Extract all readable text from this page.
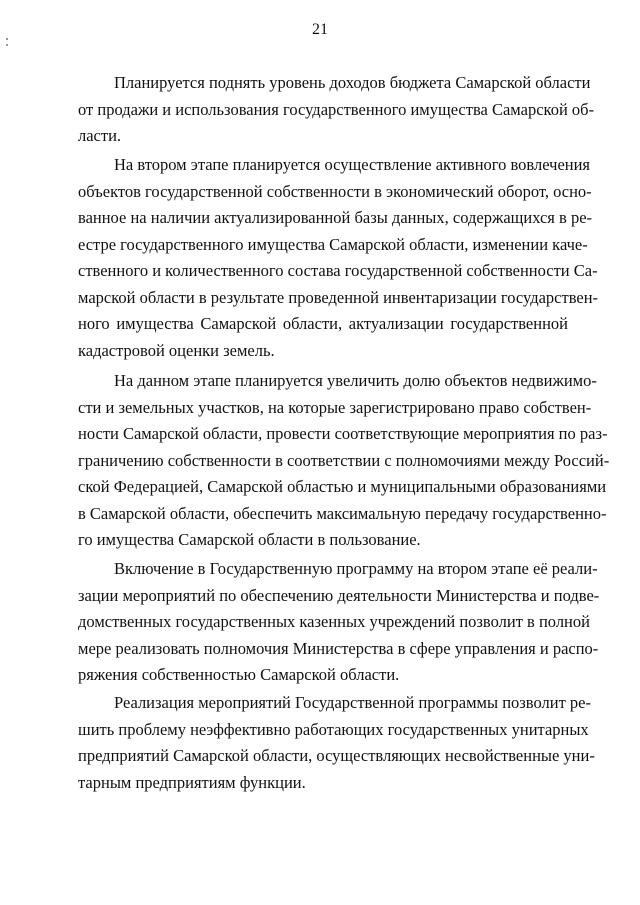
21

Планируется поднять уровень доходов бюджета Самарской области
от продажи и использования государственного имущества Самарской об-
ласти.

На втором этапе планируется осуществление активного вовлечения
объектов государственной собственности в экономический оборот, осно-
ванное на наличии актуализированной базы данных, содержащихся в ре-
естре государственного имущества Самарской области, изменении каче-
ственного и количественного состава государственной собственности Са-
марской области в результате проведенной инвентаризации государствен-
ного имущества Самарской области, актуализации государственной
кадастровой оценки земель.

На данном этапе планируется увеличить долю объектов недвижимо-
сти и земельных участков, на которые зарегистрировано право собствен-
ности Самарской области, провести соответствующие мероприятия по раз-
граничению собственности в соответствии с полномочиями между Россий-
ской Федерацией, Самарской областью и муниципальными образованиями
в Самарской области, обеспечить максимальную передачу государственно-
го имущества Самарской области в пользование.

Включение в Государственную программу на втором этапе её реали-
зации мероприятий по обеспечению деятельности Министерства и подве-
домственных государственных казенных учреждений позволит в полной
мере реализовать полномочия Министерства в сфере управления и распо-
ряжения собственностью Самарской области.

Реализация мероприятий Государственной программы позволит ре-
шить проблему неэффективно работающих государственных унитарных
предприятий Самарской области, осуществляющих несвойственные уни-
тарным предприятиям функции.
